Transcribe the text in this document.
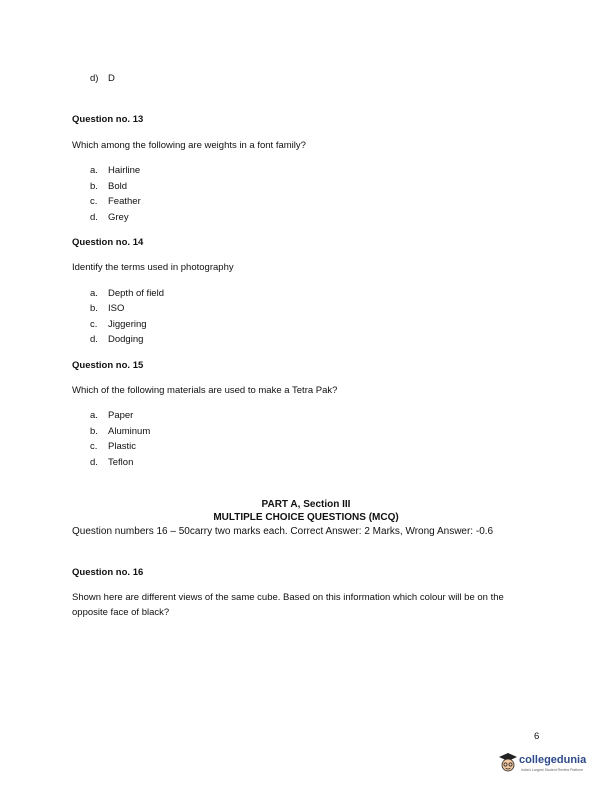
d) D
Question no. 13
Which among the following are weights in a font family?
a. Hairline
b. Bold
c. Feather
d. Grey
Question no. 14
Identify the terms used in photography
a. Depth of field
b. ISO
c. Jiggering
d. Dodging
Question no. 15
Which of the following materials are used to make a Tetra Pak?
a. Paper
b. Aluminum
c. Plastic
d. Teflon
PART A, Section III
MULTIPLE CHOICE QUESTIONS (MCQ)
Question numbers 16 – 50carry two marks each. Correct Answer: 2 Marks, Wrong Answer: -0.6
Question no. 16
Shown here are different views of the same cube. Based on this information which colour will be on the
opposite face of black?
6
collegedunia
India's Largest Student Review Platform
